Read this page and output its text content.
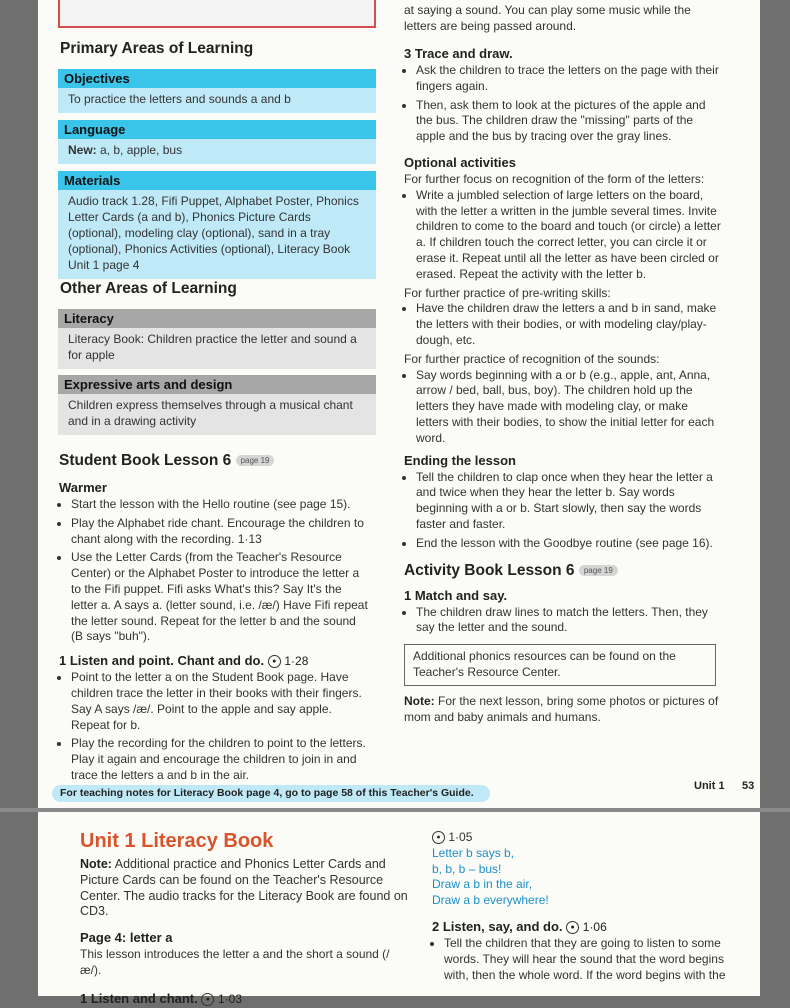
Primary Areas of Learning
Objectives
To practice the letters and sounds a and b
Language
New: a, b, apple, bus
Materials
Audio track 1.28, Fifi Puppet, Alphabet Poster, Phonics Letter Cards (a and b), Phonics Picture Cards (optional), modeling clay (optional), sand in a tray (optional), Phonics Activities (optional), Literacy Book Unit 1 page 4
Other Areas of Learning
Literacy
Literacy Book: Children practice the letter and sound a for apple
Expressive arts and design
Children express themselves through a musical chant and in a drawing activity
Student Book Lesson 6 page 19
Warmer
• Start the lesson with the Hello routine (see page 15).
• Play the Alphabet ride chant. Encourage the children to chant along with the recording. 1·13
• Use the Letter Cards (from the Teacher's Resource Center) or the Alphabet Poster to introduce the letter a to the Fifi puppet. Fifi asks What's this? Say It's the letter a. A says a. (letter sound, i.e. /æ/) Have Fifi repeat the letter sound. Repeat for the letter b and the sound (B says "buh").
1 Listen and point. Chant and do. ● 1·28
• Point to the letter a on the Student Book page. Have children trace the letter in their books with their fingers. Say A says /æ/. Point to the apple and say apple. Repeat for b.
• Play the recording for the children to point to the letters. Play it again and encourage the children to join in and trace the letters a and b in the air.
at saying a sound. You can play some music while the letters are being passed around.
3 Trace and draw.
• Ask the children to trace the letters on the page with their fingers again.
• Then, ask them to look at the pictures of the apple and the bus. The children draw the "missing" parts of the apple and the bus by tracing over the gray lines.
Optional activities
For further focus on recognition of the form of the letters:
• Write a jumbled selection of large letters on the board, with the letter a written in the jumble several times. Invite children to come to the board and touch (or circle) a letter a. If children touch the correct letter, you can circle it or erase it. Repeat until all the letter as have been circled or erased. Repeat the activity with the letter b.
For further practice of pre-writing skills:
• Have the children draw the letters a and b in sand, make the letters with their bodies, or with modeling clay/play-dough, etc.
For further practice of recognition of the sounds:
• Say words beginning with a or b (e.g., apple, ant, Anna, arrow / bed, ball, bus, boy). The children hold up the letters they have made with modeling clay, or make letters with their bodies, to show the initial letter for each word.
Ending the lesson
• Tell the children to clap once when they hear the letter a and twice when they hear the letter b. Say words beginning with a or b. Start slowly, then say the words faster and faster.
• End the lesson with the Goodbye routine (see page 16).
Activity Book Lesson 6 page 19
1 Match and say.
• The children draw lines to match the letters. Then, they say the letter and the sound.
Additional phonics resources can be found on the Teacher's Resource Center.
Note: For the next lesson, bring some photos or pictures of mom and baby animals and humans.
For teaching notes for Literacy Book page 4, go to page 58 of this Teacher's Guide.
Unit 1 53
Unit 1 Literacy Book
Note: Additional practice and Phonics Letter Cards and Picture Cards can be found on the Teacher's Resource Center. The audio tracks for the Literacy Book are found on CD3.
Page 4: letter a
This lesson introduces the letter a and the short a sound (/æ/).
1 Listen and chant. ● 1·03
● 1·05
Letter b says b,
b, b, b – bus!
Draw a b in the air,
Draw a b everywhere!
2 Listen, say, and do. ● 1·06
• Tell the children that they are going to listen to some words. They will hear the sound that the word begins with, then the whole word. If the word begins with the
